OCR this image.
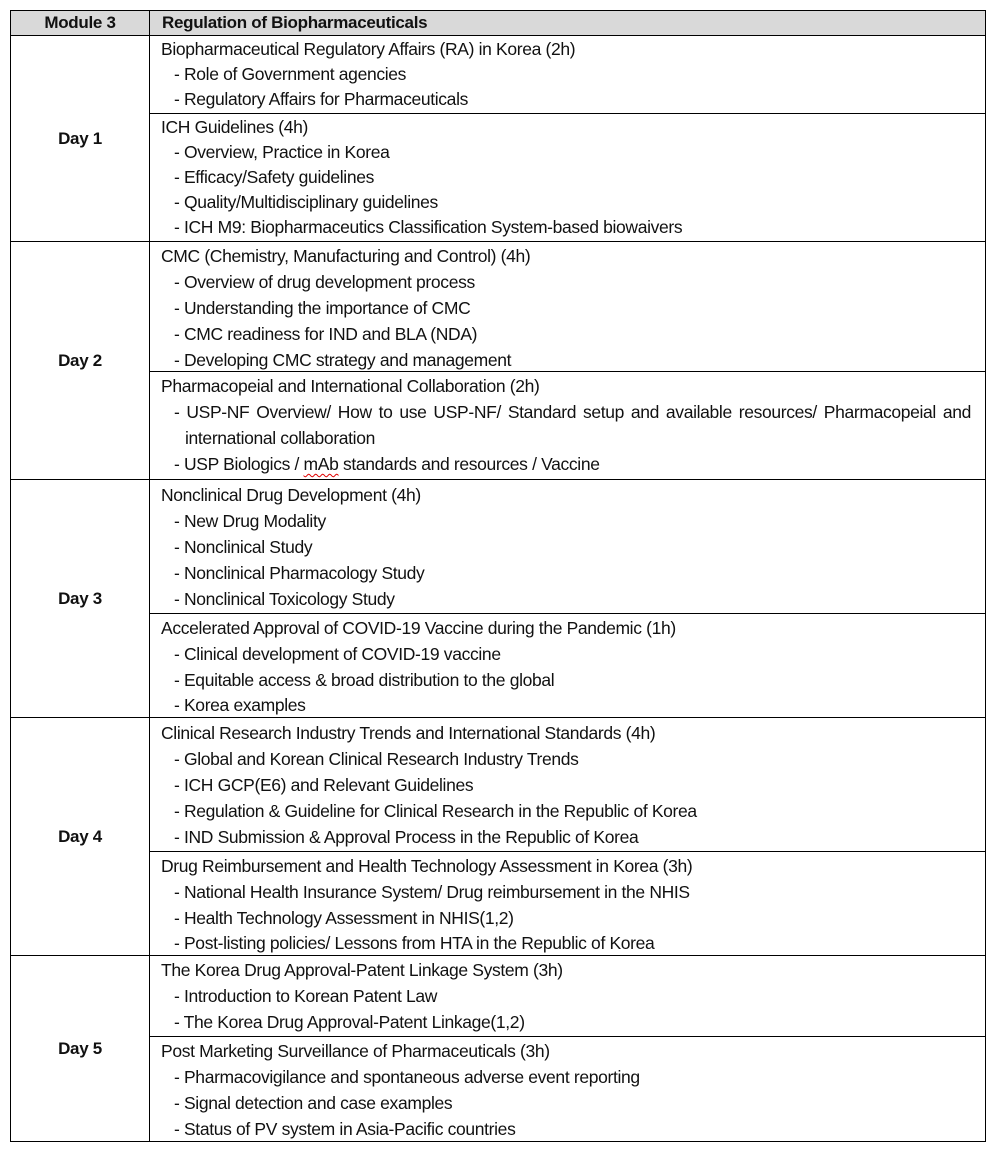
Module 3	Regulation of Biopharmaceuticals
Day 1
Biopharmaceutical Regulatory Affairs (RA) in Korea (2h)
- Role of Government agencies
- Regulatory Affairs for Pharmaceuticals
ICH Guidelines (4h)
- Overview, Practice in Korea
- Efficacy/Safety guidelines
- Quality/Multidisciplinary guidelines
- ICH M9: Biopharmaceutics Classification System-based biowaivers
Day 2
CMC (Chemistry, Manufacturing and Control) (4h)
- Overview of drug development process
- Understanding the importance of CMC
- CMC readiness for IND and BLA (NDA)
- Developing CMC strategy and management
Pharmacopeial and International Collaboration (2h)
- USP-NF Overview/ How to use USP-NF/ Standard setup and available resources/ Pharmacopeial and international collaboration
- USP Biologics / mAb standards and resources / Vaccine
Day 3
Nonclinical Drug Development (4h)
- New Drug Modality
- Nonclinical Study
- Nonclinical Pharmacology Study
- Nonclinical Toxicology Study
Accelerated Approval of COVID-19 Vaccine during the Pandemic (1h)
- Clinical development of COVID-19 vaccine
- Equitable access & broad distribution to the global
- Korea examples
Day 4
Clinical Research Industry Trends and International Standards (4h)
- Global and Korean Clinical Research Industry Trends
- ICH GCP(E6) and Relevant Guidelines
- Regulation & Guideline for Clinical Research in the Republic of Korea
- IND Submission & Approval Process in the Republic of Korea
Drug Reimbursement and Health Technology Assessment in Korea (3h)
- National Health Insurance System/ Drug reimbursement in the NHIS
- Health Technology Assessment in NHIS(1,2)
- Post-listing policies/ Lessons from HTA in the Republic of Korea
Day 5
The Korea Drug Approval-Patent Linkage System (3h)
- Introduction to Korean Patent Law
- The Korea Drug Approval-Patent Linkage(1,2)
Post Marketing Surveillance of Pharmaceuticals (3h)
- Pharmacovigilance and spontaneous adverse event reporting
- Signal detection and case examples
- Status of PV system in Asia-Pacific countries
